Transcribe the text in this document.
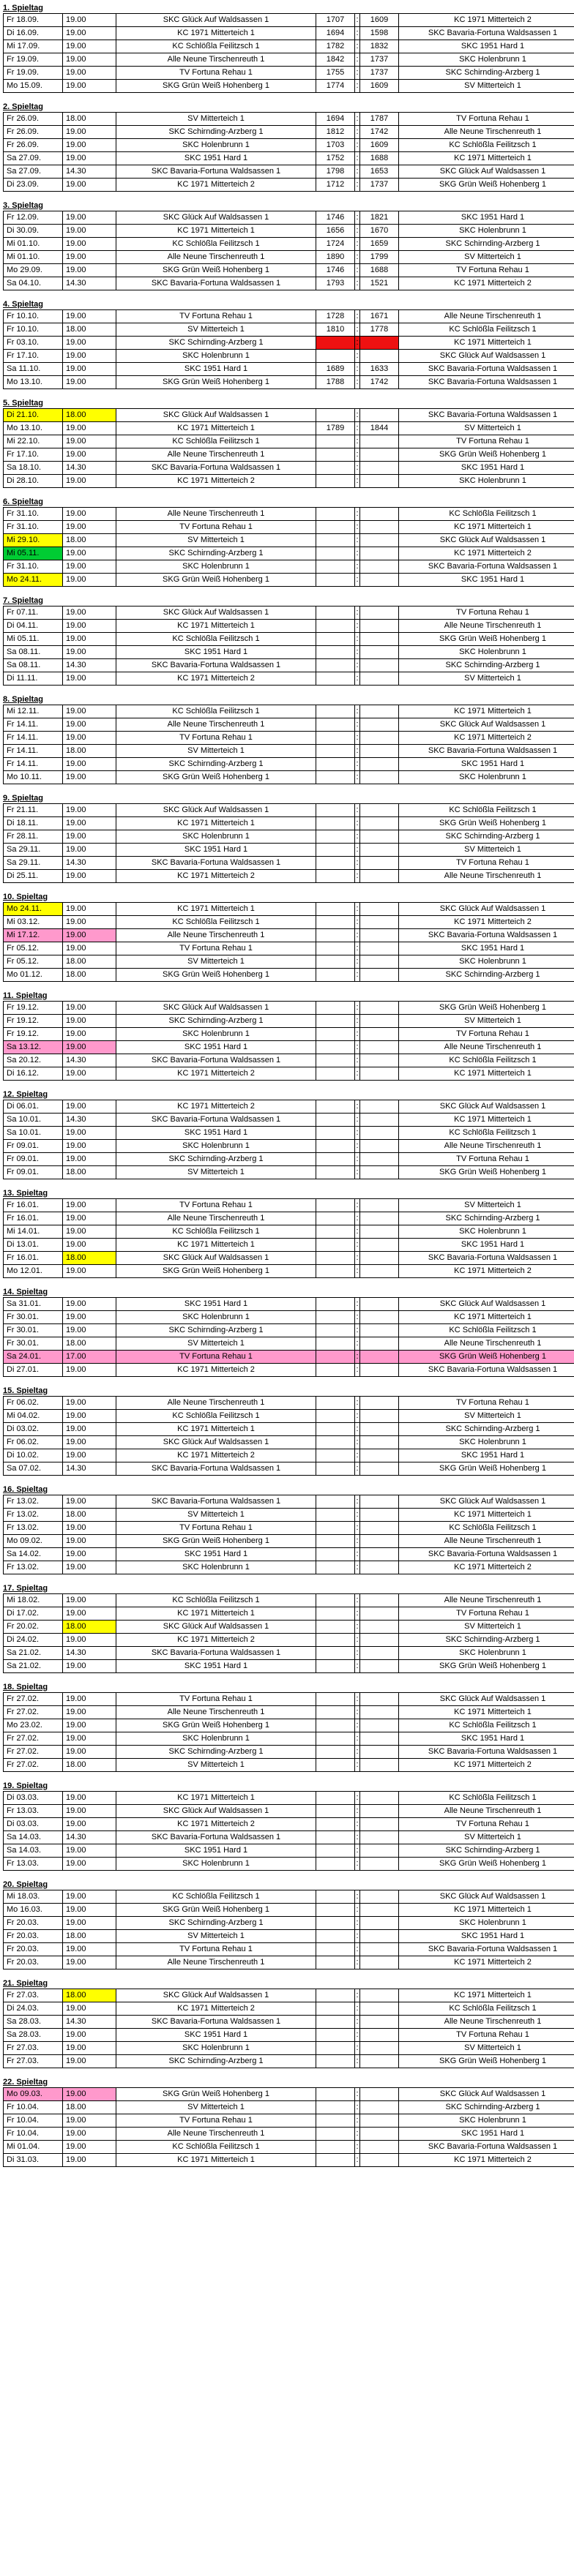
1. Spieltag
Fr 18.09.	19.00	SKC Glück Auf Waldsassen 1	1707	:	1609	KC 1971 Mitterteich 2
Di 16.09.	19.00	KC 1971 Mitterteich 1	1694	:	1598	SKC Bavaria-Fortuna Waldsassen 1
Mi 17.09.	19.00	KC Schlößla Feilitzsch 1	1782	:	1832	SKC 1951 Hard 1
Fr 19.09.	19.00	Alle Neune Tirschenreuth 1	1842	:	1737	SKC Holenbrunn 1
Fr 19.09.	19.00	TV Fortuna Rehau 1	1755	:	1737	SKC Schirnding-Arzberg 1
Mo 15.09.	19.00	SKG Grün Weiß Hohenberg 1	1774	:	1609	SV Mitterteich 1
2. Spieltag
Fr 26.09.	18.00	SV Mitterteich 1	1694	:	1787	TV Fortuna Rehau 1
Fr 26.09.	19.00	SKC Schirnding-Arzberg 1	1812	:	1742	Alle Neune Tirschenreuth 1
Fr 26.09.	19.00	SKC Holenbrunn 1	1703	:	1609	KC Schlößla Feilitzsch 1
Sa 27.09.	19.00	SKC 1951 Hard 1	1752	:	1688	KC 1971 Mitterteich 1
Sa 27.09.	14.30	SKC Bavaria-Fortuna Waldsassen 1	1798	:	1653	SKC Glück Auf Waldsassen 1
Di 23.09.	19.00	KC 1971 Mitterteich 2	1712	:	1737	SKG Grün Weiß Hohenberg 1
3. Spieltag
Fr 12.09.	19.00	SKC Glück Auf Waldsassen 1	1746	:	1821	SKC 1951 Hard 1
Di 30.09.	19.00	KC 1971 Mitterteich 1	1656	:	1670	SKC Holenbrunn 1
Mi 01.10.	19.00	KC Schlößla Feilitzsch 1	1724	:	1659	SKC Schirnding-Arzberg 1
Mi 01.10.	19.00	Alle Neune Tirschenreuth 1	1890	:	1799	SV Mitterteich 1
Mo 29.09.	19.00	SKG Grün Weiß Hohenberg 1	1746	:	1688	TV Fortuna Rehau 1
Sa 04.10.	14.30	SKC Bavaria-Fortuna Waldsassen 1	1793	:	1521	KC 1971 Mitterteich 2
4. Spieltag
Fr 10.10.	19.00	TV Fortuna Rehau 1	1728	:	1671	Alle Neune Tirschenreuth 1
Fr 10.10.	18.00	SV Mitterteich 1	1810	:	1778	KC Schlößla Feilitzsch 1
Fr 03.10.	19.00	SKC Schirnding-Arzberg 1		:		KC 1971 Mitterteich 1
Fr 17.10.	19.00	SKC Holenbrunn 1		:		SKC Glück Auf Waldsassen 1
Sa 11.10.	19.00	SKC 1951 Hard 1	1689	:	1633	SKC Bavaria-Fortuna Waldsassen 1
Mo 13.10.	19.00	SKG Grün Weiß Hohenberg 1	1788	:	1742	SKC Bavaria-Fortuna Waldsassen 1
5. Spieltag
Di 21.10.	18.00	SKC Glück Auf Waldsassen 1		:		SKC Bavaria-Fortuna Waldsassen 1
Mo 13.10.	19.00	KC 1971 Mitterteich 1	1789	:	1844	SV Mitterteich 1
Mi 22.10.	19.00	KC Schlößla Feilitzsch 1		:		TV Fortuna Rehau 1
Fr 17.10.	19.00	Alle Neune Tirschenreuth 1		:		SKG Grün Weiß Hohenberg 1
Sa 18.10.	14.30	SKC Bavaria-Fortuna Waldsassen 1		:		SKC 1951 Hard 1
Di 28.10.	19.00	KC 1971 Mitterteich 2		:		SKC Holenbrunn 1
6. Spieltag
Fr 31.10.	19.00	Alle Neune Tirschenreuth 1		:		KC Schlößla Feilitzsch 1
Fr 31.10.	19.00	TV Fortuna Rehau 1		:		KC 1971 Mitterteich 1
Mi 29.10.	18.00	SV Mitterteich 1		:		SKC Glück Auf Waldsassen 1
Mi 05.11.	19.00	SKC Schirnding-Arzberg 1		:		KC 1971 Mitterteich 2
Fr 31.10.	19.00	SKC Holenbrunn 1		:		SKC Bavaria-Fortuna Waldsassen 1
Mo 24.11.	19.00	SKG Grün Weiß Hohenberg 1		:		SKC 1951 Hard 1
7. Spieltag
Fr 07.11.	19.00	SKC Glück Auf Waldsassen 1		:		TV Fortuna Rehau 1
Di 04.11.	19.00	KC 1971 Mitterteich 1		:		Alle Neune Tirschenreuth 1
Mi 05.11.	19.00	KC Schlößla Feilitzsch 1		:		SKG Grün Weiß Hohenberg 1
Sa 08.11.	19.00	SKC 1951 Hard 1		:		SKC Holenbrunn 1
Sa 08.11.	14.30	SKC Bavaria-Fortuna Waldsassen 1		:		SKC Schirnding-Arzberg 1
Di 11.11.	19.00	KC 1971 Mitterteich 2		:		SV Mitterteich 1
8. Spieltag
Mi 12.11.	19.00	KC Schlößla Feilitzsch 1		:		KC 1971 Mitterteich 1
Fr 14.11.	19.00	Alle Neune Tirschenreuth 1		:		SKC Glück Auf Waldsassen 1
Fr 14.11.	19.00	TV Fortuna Rehau 1		:		KC 1971 Mitterteich 2
Fr 14.11.	18.00	SV Mitterteich 1		:		SKC Bavaria-Fortuna Waldsassen 1
Fr 14.11.	19.00	SKC Schirnding-Arzberg 1		:		SKC 1951 Hard 1
Mo 10.11.	19.00	SKG Grün Weiß Hohenberg 1		:		SKC Holenbrunn 1
9. Spieltag
Fr 21.11.	19.00	SKC Glück Auf Waldsassen 1		:		KC Schlößla Feilitzsch 1
Di 18.11.	19.00	KC 1971 Mitterteich 1		:		SKG Grün Weiß Hohenberg 1
Fr 28.11.	19.00	SKC Holenbrunn 1		:		SKC Schirnding-Arzberg 1
Sa 29.11.	19.00	SKC 1951 Hard 1		:		SV Mitterteich 1
Sa 29.11.	14.30	SKC Bavaria-Fortuna Waldsassen 1		:		TV Fortuna Rehau 1
Di 25.11.	19.00	KC 1971 Mitterteich 2		:		Alle Neune Tirschenreuth 1
10. Spieltag
Mo 24.11.	19.00	KC 1971 Mitterteich 1		:		SKC Glück Auf Waldsassen 1
Mi 03.12.	19.00	KC Schlößla Feilitzsch 1		:		KC 1971 Mitterteich 2
Mi 17.12.	19.00	Alle Neune Tirschenreuth 1		:		SKC Bavaria-Fortuna Waldsassen 1
Fr 05.12.	19.00	TV Fortuna Rehau 1		:		SKC 1951 Hard 1
Fr 05.12.	18.00	SV Mitterteich 1		:		SKC Holenbrunn 1
Mo 01.12.	18.00	SKG Grün Weiß Hohenberg 1		:		SKC Schirnding-Arzberg 1
11. Spieltag
Fr 19.12.	19.00	SKC Glück Auf Waldsassen 1		:		SKG Grün Weiß Hohenberg 1
Fr 19.12.	19.00	SKC Schirnding-Arzberg 1		:		SV Mitterteich 1
Fr 19.12.	19.00	SKC Holenbrunn 1		:		TV Fortuna Rehau 1
Sa 13.12.	19.00	SKC 1951 Hard 1		:		Alle Neune Tirschenreuth 1
Sa 20.12.	14.30	SKC Bavaria-Fortuna Waldsassen 1		:		KC Schlößla Feilitzsch 1
Di 16.12.	19.00	KC 1971 Mitterteich 2		:		KC 1971 Mitterteich 1
12. Spieltag
Di 06.01.	19.00	KC 1971 Mitterteich 2		:		SKC Glück Auf Waldsassen 1
Sa 10.01.	14.30	SKC Bavaria-Fortuna Waldsassen 1		:		KC 1971 Mitterteich 1
Sa 10.01.	19.00	SKC 1951 Hard 1		:		KC Schlößla Feilitzsch 1
Fr 09.01.	19.00	SKC Holenbrunn 1		:		Alle Neune Tirschenreuth 1
Fr 09.01.	19.00	SKC Schirnding-Arzberg 1		:		TV Fortuna Rehau 1
Fr 09.01.	18.00	SV Mitterteich 1		:		SKG Grün Weiß Hohenberg 1
13. Spieltag
Fr 16.01.	19.00	TV Fortuna Rehau 1		:		SV Mitterteich 1
Fr 16.01.	19.00	Alle Neune Tirschenreuth 1		:		SKC Schirnding-Arzberg 1
Mi 14.01.	19.00	KC Schlößla Feilitzsch 1		:		SKC Holenbrunn 1
Di 13.01.	19.00	KC 1971 Mitterteich 1		:		SKC 1951 Hard 1
Fr 16.01.	18.00	SKC Glück Auf Waldsassen 1		:		SKC Bavaria-Fortuna Waldsassen 1
Mo 12.01.	19.00	SKG Grün Weiß Hohenberg 1		:		KC 1971 Mitterteich 2
14. Spieltag
Sa 31.01.	19.00	SKC 1951 Hard 1		:		SKC Glück Auf Waldsassen 1
Fr 30.01.	19.00	SKC Holenbrunn 1		:		KC 1971 Mitterteich 1
Fr 30.01.	19.00	SKC Schirnding-Arzberg 1		:		KC Schlößla Feilitzsch 1
Fr 30.01.	18.00	SV Mitterteich 1		:		Alle Neune Tirschenreuth 1
Sa 24.01.	17.00	TV Fortuna Rehau 1		:		SKG Grün Weiß Hohenberg 1
Di 27.01.	19.00	KC 1971 Mitterteich 2		:		SKC Bavaria-Fortuna Waldsassen 1
15. Spieltag
Fr 06.02.	19.00	Alle Neune Tirschenreuth 1		:		TV Fortuna Rehau 1
Mi 04.02.	19.00	KC Schlößla Feilitzsch 1		:		SV Mitterteich 1
Di 03.02.	19.00	KC 1971 Mitterteich 1		:		SKC Schirnding-Arzberg 1
Fr 06.02.	19.00	SKC Glück Auf Waldsassen 1		:		SKC Holenbrunn 1
Di 10.02.	19.00	KC 1971 Mitterteich 2		:		SKC 1951 Hard 1
Sa 07.02.	14.30	SKC Bavaria-Fortuna Waldsassen 1		:		SKG Grün Weiß Hohenberg 1
16. Spieltag
Fr 13.02.	19.00	SKC Bavaria-Fortuna Waldsassen 1		:		SKC Glück Auf Waldsassen 1
Fr 13.02.	18.00	SV Mitterteich 1		:		KC 1971 Mitterteich 1
Fr 13.02.	19.00	TV Fortuna Rehau 1		:		KC Schlößla Feilitzsch 1
Mo 09.02.	19.00	SKG Grün Weiß Hohenberg 1		:		Alle Neune Tirschenreuth 1
Sa 14.02.	19.00	SKC 1951 Hard 1		:		SKC Bavaria-Fortuna Waldsassen 1
Fr 13.02.	19.00	SKC Holenbrunn 1		:		KC 1971 Mitterteich 2
17. Spieltag
Mi 18.02.	19.00	KC Schlößla Feilitzsch 1		:		Alle Neune Tirschenreuth 1
Di 17.02.	19.00	KC 1971 Mitterteich 1		:		TV Fortuna Rehau 1
Fr 20.02.	18.00	SKC Glück Auf Waldsassen 1		:		SV Mitterteich 1
Di 24.02.	19.00	KC 1971 Mitterteich 2		:		SKC Schirnding-Arzberg 1
Sa 21.02.	14.30	SKC Bavaria-Fortuna Waldsassen 1		:		SKC Holenbrunn 1
Sa 21.02.	19.00	SKC 1951 Hard 1		:		SKG Grün Weiß Hohenberg 1
18. Spieltag
Fr 27.02.	19.00	TV Fortuna Rehau 1		:		SKC Glück Auf Waldsassen 1
Fr 27.02.	19.00	Alle Neune Tirschenreuth 1		:		KC 1971 Mitterteich 1
Mo 23.02.	19.00	SKG Grün Weiß Hohenberg 1		:		KC Schlößla Feilitzsch 1
Fr 27.02.	19.00	SKC Holenbrunn 1		:		SKC 1951 Hard 1
Fr 27.02.	19.00	SKC Schirnding-Arzberg 1		:		SKC Bavaria-Fortuna Waldsassen 1
Fr 27.02.	18.00	SV Mitterteich 1		:		KC 1971 Mitterteich 2
19. Spieltag
Di 03.03.	19.00	KC 1971 Mitterteich 1		:		KC Schlößla Feilitzsch 1
Fr 13.03.	19.00	SKC Glück Auf Waldsassen 1		:		Alle Neune Tirschenreuth 1
Di 03.03.	19.00	KC 1971 Mitterteich 2		:		TV Fortuna Rehau 1
Sa 14.03.	14.30	SKC Bavaria-Fortuna Waldsassen 1		:		SV Mitterteich 1
Sa 14.03.	19.00	SKC 1951 Hard 1		:		SKC Schirnding-Arzberg 1
Fr 13.03.	19.00	SKC Holenbrunn 1		:		SKG Grün Weiß Hohenberg 1
20. Spieltag
Mi 18.03.	19.00	KC Schlößla Feilitzsch 1		:		SKC Glück Auf Waldsassen 1
Mo 16.03.	19.00	SKG Grün Weiß Hohenberg 1		:		KC 1971 Mitterteich 1
Fr 20.03.	19.00	SKC Schirnding-Arzberg 1		:		SKC Holenbrunn 1
Fr 20.03.	18.00	SV Mitterteich 1		:		SKC 1951 Hard 1
Fr 20.03.	19.00	TV Fortuna Rehau 1		:		SKC Bavaria-Fortuna Waldsassen 1
Fr 20.03.	19.00	Alle Neune Tirschenreuth 1		:		KC 1971 Mitterteich 2
21. Spieltag
Fr 27.03.	18.00	SKC Glück Auf Waldsassen 1		:		KC 1971 Mitterteich 1
Di 24.03.	19.00	KC 1971 Mitterteich 2		:		KC Schlößla Feilitzsch 1
Sa 28.03.	14.30	SKC Bavaria-Fortuna Waldsassen 1		:		Alle Neune Tirschenreuth 1
Sa 28.03.	19.00	SKC 1951 Hard 1		:		TV Fortuna Rehau 1
Fr 27.03.	19.00	SKC Holenbrunn 1		:		SV Mitterteich 1
Fr 27.03.	19.00	SKC Schirnding-Arzberg 1		:		SKG Grün Weiß Hohenberg 1
22. Spieltag
Mo 09.03.	19.00	SKG Grün Weiß Hohenberg 1		:		SKC Glück Auf Waldsassen 1
Fr 10.04.	18.00	SV Mitterteich 1		:		SKC Schirnding-Arzberg 1
Fr 10.04.	19.00	TV Fortuna Rehau 1		:		SKC Holenbrunn 1
Fr 10.04.	19.00	Alle Neune Tirschenreuth 1		:		SKC 1951 Hard 1
Mi 01.04.	19.00	KC Schlößla Feilitzsch 1		:		SKC Bavaria-Fortuna Waldsassen 1
Di 31.03.	19.00	KC 1971 Mitterteich 1		:		KC 1971 Mitterteich 2
